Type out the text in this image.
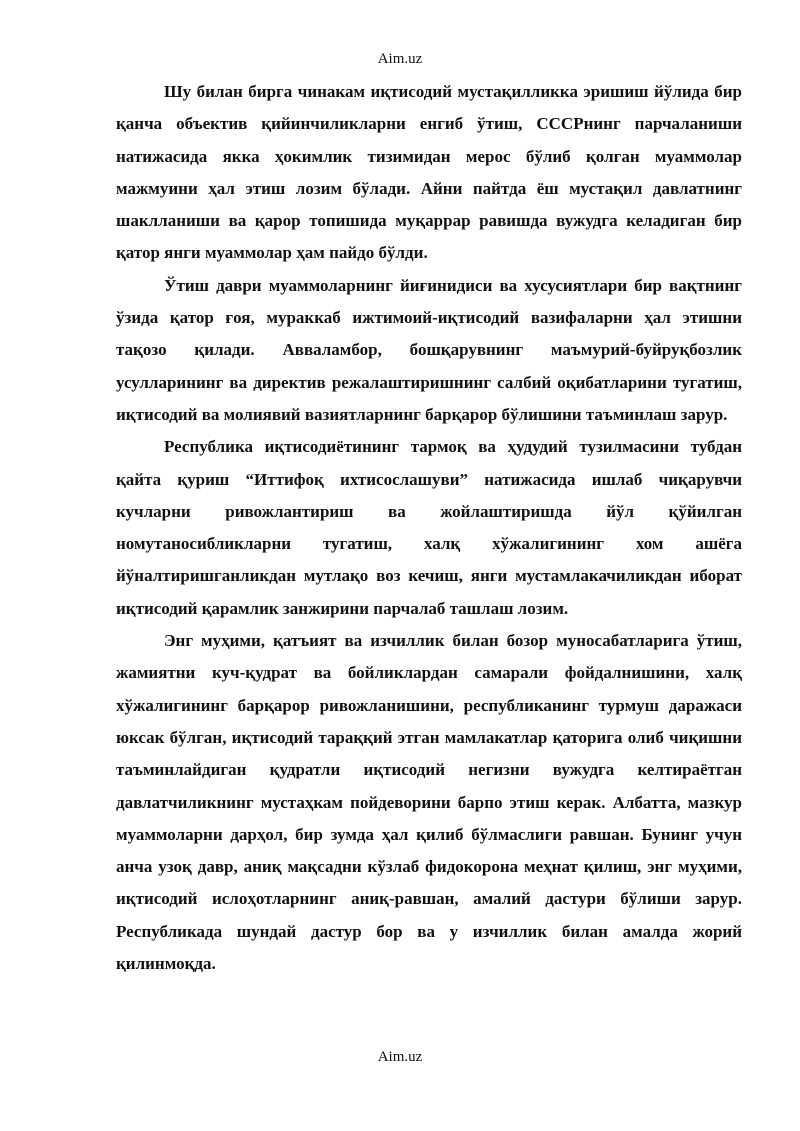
Aim.uz

Шу билан бирга чинакам иқтисодий мустақилликка эришиш йўлида бир қанча объектив қийинчиликларни енгиб ўтиш, СССРнинг парчаланиши натижасида якка ҳокимлик тизимидан мерос бўлиб қолган муаммолар мажмуини ҳал этиш лозим бўлади. Айни пайтда ёш мустақил давлатнинг шаклланиши ва қарор топишида муқаррар равишда вужудга келадиган бир қатор янги муаммолар ҳам пайдо бўлди.

Ўтиш даври муаммоларнинг йиғинидиси ва хусусиятлари бир вақтнинг ўзида қатор ғоя, мураккаб ижтимоий-иқтисодий вазифаларни ҳал этишни тақозо қилади. Авваламбор, бошқарувнинг маъмурий-буйруқбозлик усулларининг ва директив режалаштиришнинг салбий оқибатларини тугатиш, иқтисодий ва молиявий вазиятларнинг барқарор бўлишини таъминлаш зарур.

Республика иқтисодиётининг тармоқ ва ҳудудий тузилмасини тубдан қайта қуриш “Иттифоқ ихтисослашуви” натижасида ишлаб чиқарувчи кучларни ривожлантириш ва жойлаштиришда йўл қўйилган номутаносибликларни тугатиш, халқ хўжалигининг хом ашёга йўналтиришганликдан мутлақо воз кечиш, янги мустамлакачиликдан иборат иқтисодий қарамлик занжирини парчалаб ташлаш лозим.

Энг муҳими, қатъият ва изчиллик билан бозор муносабатларига ўтиш, жамиятни куч-қудрат ва бойликлардан самарали фойдалнишини, халқ хўжалигининг барқарор ривожланишини, республиканинг турмуш даражаси юксак бўлган, иқтисодий тараққий этган мамлакатлар қаторига олиб чиқишни таъминлайдиган қудратли иқтисодий негизни вужудга келтираётган давлатчиликнинг мустаҳкам пойдеворини барпо этиш керак. Албатта, мазкур муаммоларни дарҳол, бир зумда ҳал қилиб бўлмаслиги равшан. Бунинг учун анча узоқ давр, аниқ мақсадни кўзлаб фидокорона меҳнат қилиш, энг муҳими, иқтисодий ислоҳотларнинг аниқ-равшан, амалий дастури бўлиши зарур. Республикада шундай дастур бор ва у изчиллик билан амалда жорий қилинмоқда.

Aim.uz
